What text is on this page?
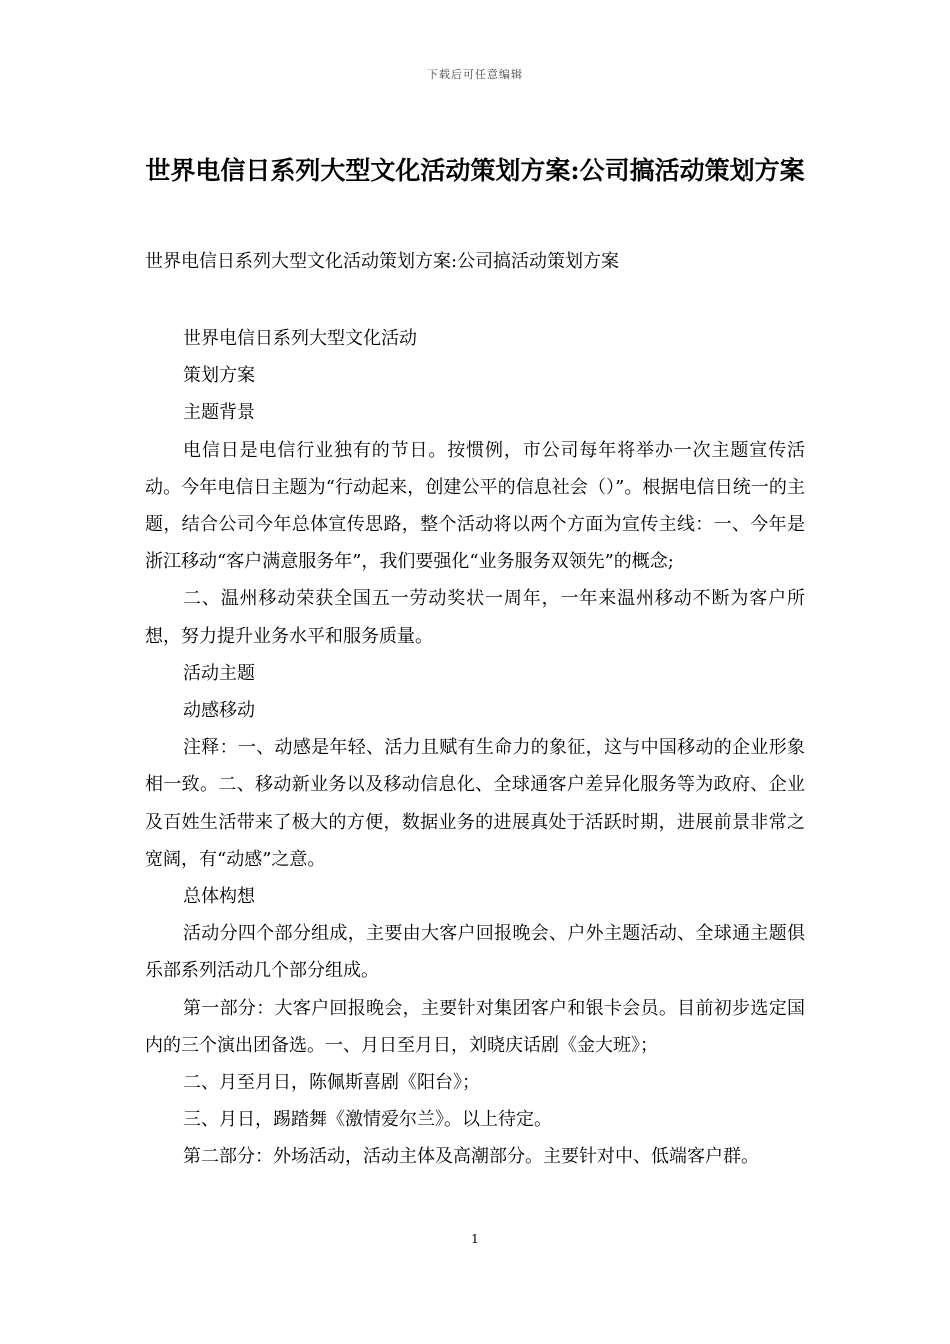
下载后可任意编辑
世界电信日系列大型文化活动策划方案:公司搞活动策划方案

世界电信日系列大型文化活动策划方案:公司搞活动策划方案

世界电信日系列大型文化活动

策划方案

主题背景

电信日是电信行业独有的节日。按惯例，市公司每年将举办一次主题宣传活动。今年电信日主题为“行动起来，创建公平的信息社会（）”。根据电信日统一的主题，结合公司今年总体宣传思路，整个活动将以两个方面为宣传主线：一、今年是浙江移动“客户满意服务年”，我们要强化“业务服务双领先”的概念;

二、温州移动荣获全国五一劳动奖状一周年，一年来温州移动不断为客户所想，努力提升业务水平和服务质量。

活动主题

动感移动

注释：一、动感是年轻、活力且赋有生命力的象征，这与中国移动的企业形象相一致。二、移动新业务以及移动信息化、全球通客户差异化服务等为政府、企业及百姓生活带来了极大的方便，数据业务的进展真处于活跃时期，进展前景非常之宽阔，有“动感”之意。

总体构想

活动分四个部分组成，主要由大客户回报晚会、户外主题活动、全球通主题俱乐部系列活动几个部分组成。

第一部分：大客户回报晚会，主要针对集团客户和银卡会员。目前初步选定国内的三个演出团备选。一、月日至月日，刘晓庆话剧《金大班》；

二、月至月日，陈佩斯喜剧《阳台》；

三、月日，踢踏舞《激情爱尔兰》。以上待定。

第二部分：外场活动，活动主体及高潮部分。主要针对中、低端客户群。

1
